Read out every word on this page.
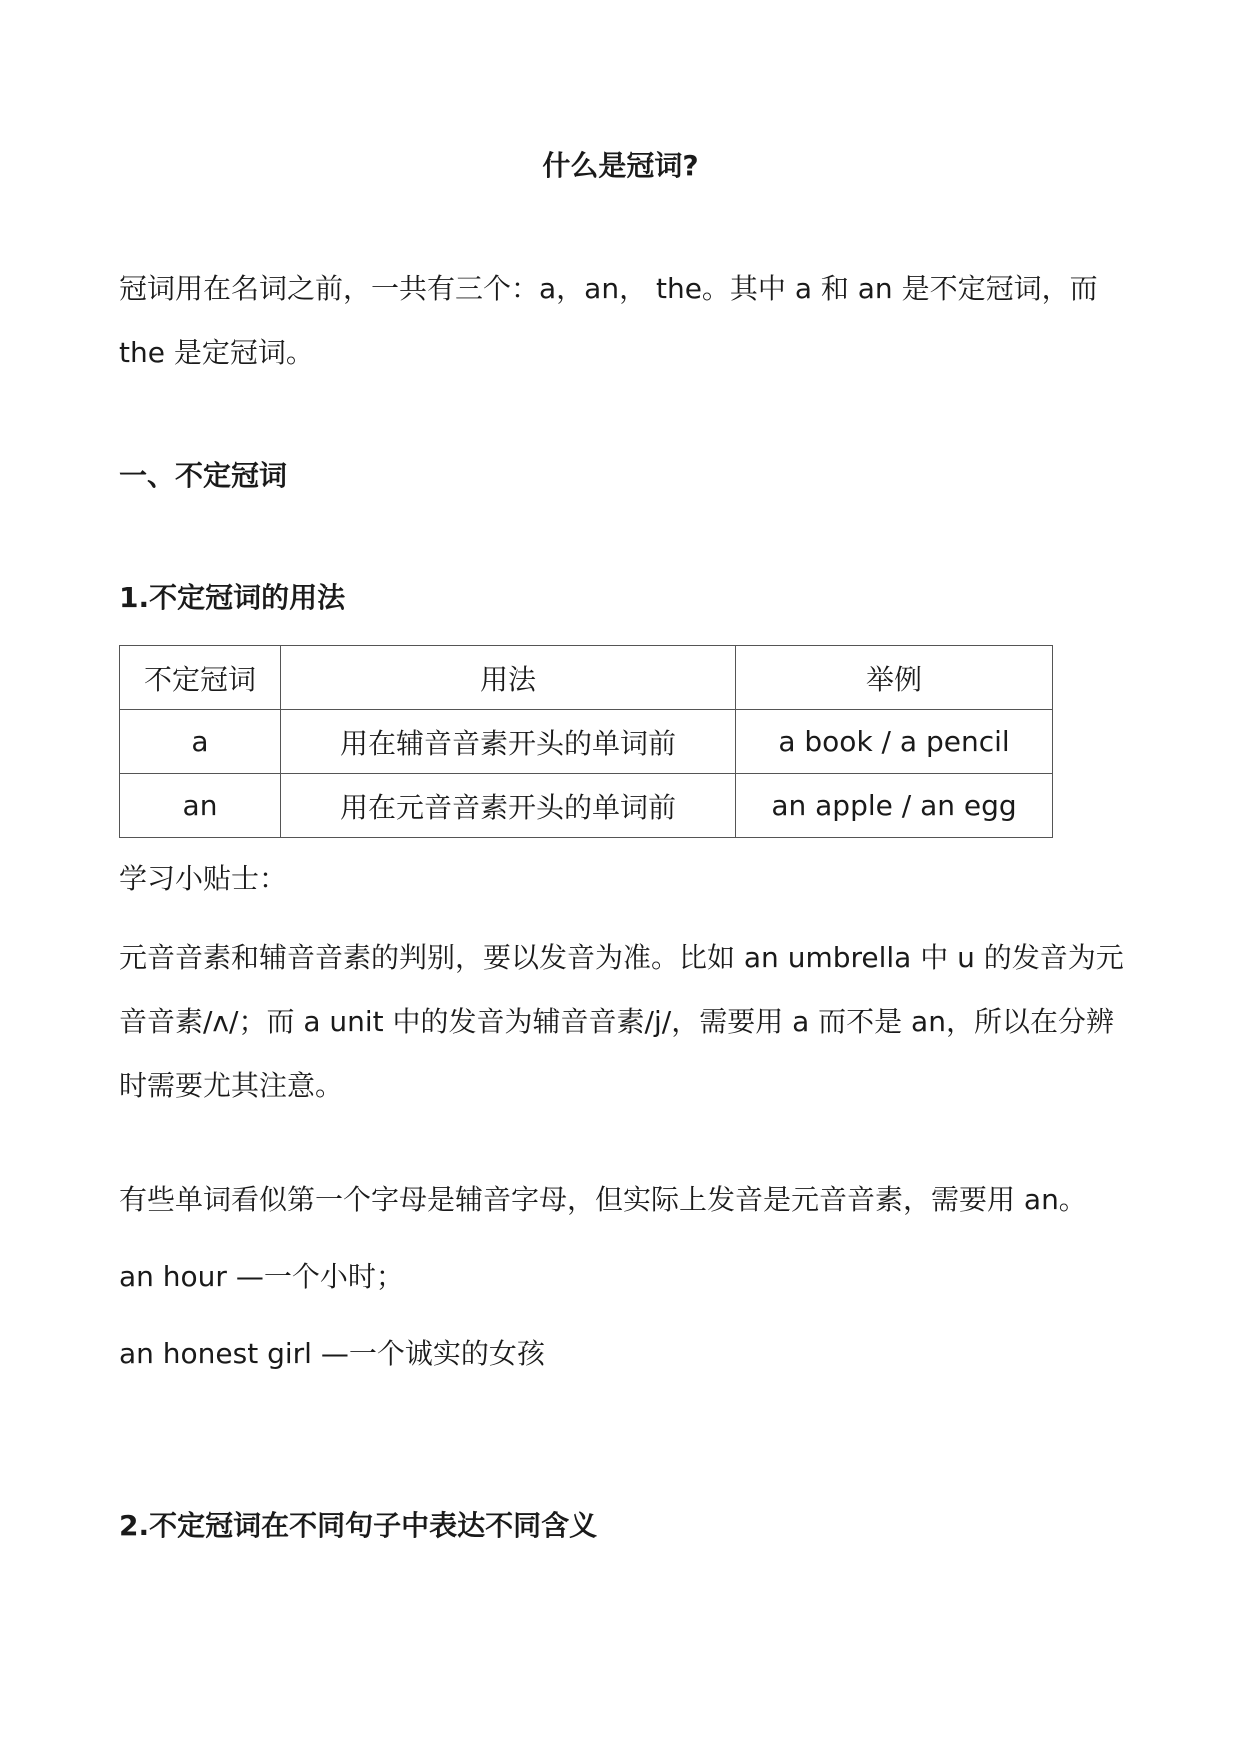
什么是冠词?
冠词用在名词之前，一共有三个：a，an， the。其中 a 和 an 是不定冠词，而 the 是定冠词。
一、不定冠词
1.不定冠词的用法
不定冠词	用法	举例
a	用在辅音音素开头的单词前	a book / a pencil
an	用在元音音素开头的单词前	an apple / an egg
学习小贴士：
元音音素和辅音音素的判别，要以发音为准。比如 an umbrella 中 u 的发音为元音音素/ʌ/；而 a unit 中的发音为辅音音素/j/，需要用 a 而不是 an，所以在分辨时需要尤其注意。
有些单词看似第一个字母是辅音字母，但实际上发音是元音音素，需要用 an。
an hour —一个小时；
an honest girl —一个诚实的女孩
2.不定冠词在不同句子中表达不同含义
